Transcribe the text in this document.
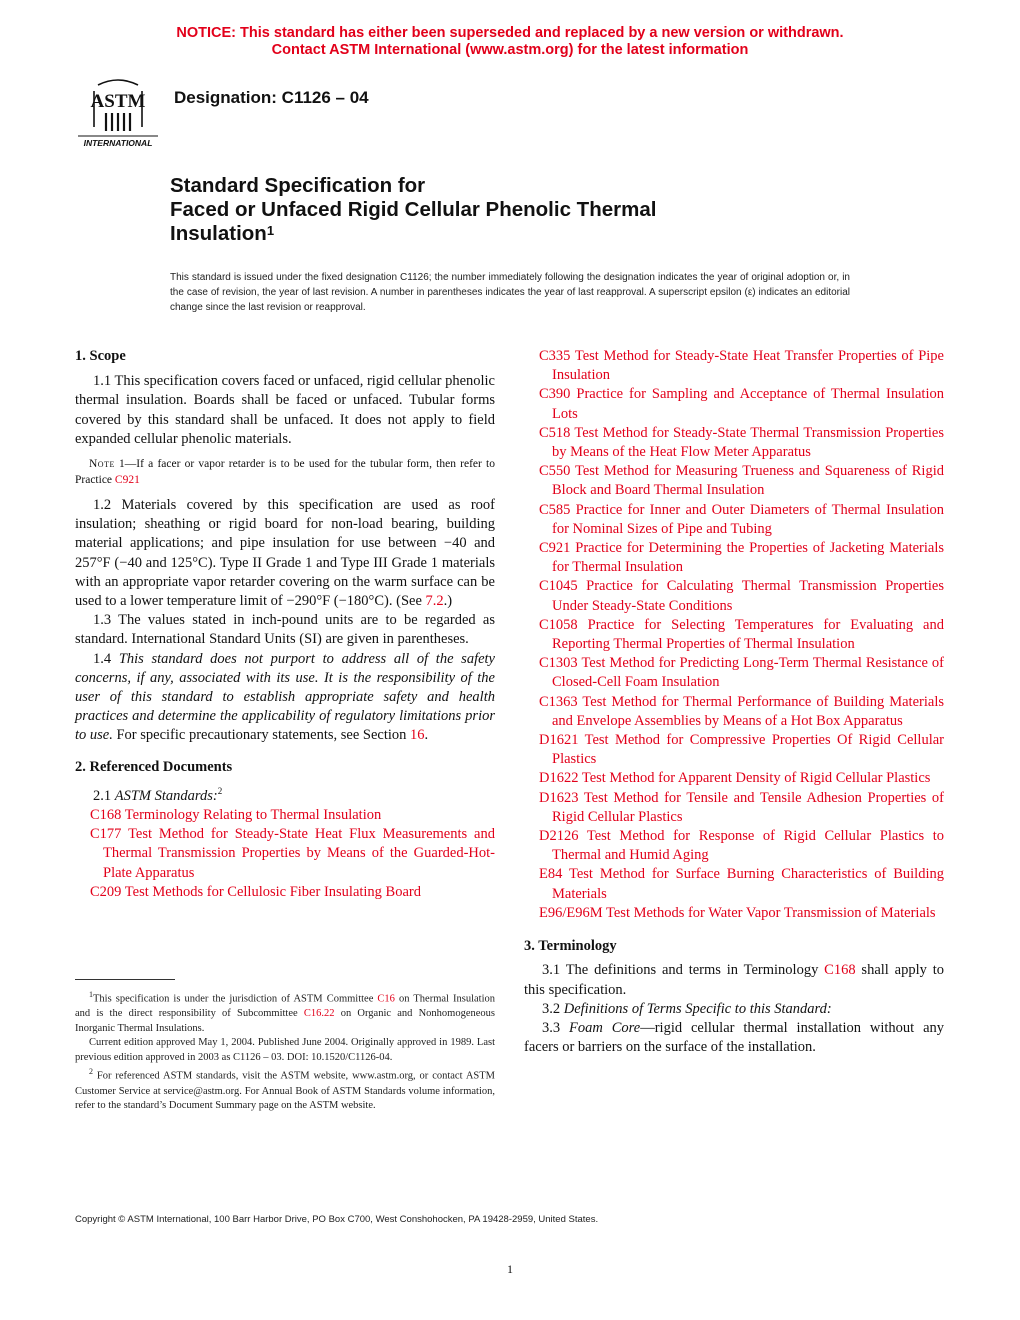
NOTICE: This standard has either been superseded and replaced by a new version or withdrawn.
Contact ASTM International (www.astm.org) for the latest information
ASTM
INTERNATIONAL
Designation: C1126 – 04
Standard Specification for
Faced or Unfaced Rigid Cellular Phenolic Thermal
Insulation$^1$
This standard is issued under the fixed designation C1126; the number immediately following the designation indicates the year of original adoption or, in the case of revision, the year of last revision. A number in parentheses indicates the year of last reapproval. A superscript epsilon (ε) indicates an editorial change since the last revision or reapproval.

1. Scope

1.1 This specification covers faced or unfaced, rigid cellular phenolic thermal insulation. Boards shall be faced or unfaced. Tubular forms covered by this standard shall be unfaced. It does not apply to field expanded cellular phenolic materials.

Note 1—If a facer or vapor retarder is to be used for the tubular form, then refer to Practice C921

1.2 Materials covered by this specification are used as roof insulation; sheathing or rigid board for non-load bearing, building material applications; and pipe insulation for use between −40 and 257°F (−40 and 125°C). Type II Grade 1 and Type III Grade 1 materials with an appropriate vapor retarder covering on the warm surface can be used to a lower temperature limit of −290°F (−180°C). (See 7.2.)

1.3 The values stated in inch-pound units are to be regarded as standard. International Standard Units (SI) are given in parentheses.

1.4 This standard does not purport to address all of the safety concerns, if any, associated with its use. It is the responsibility of the user of this standard to establish appropriate safety and health practices and determine the applicability of regulatory limitations prior to use. For specific precautionary statements, see Section 16.

2. Referenced Documents

2.1 ASTM Standards:$^2$

C168 Terminology Relating to Thermal Insulation

C177 Test Method for Steady-State Heat Flux Measurements and Thermal Transmission Properties by Means of the Guarded-Hot-Plate Apparatus

C209 Test Methods for Cellulosic Fiber Insulating Board

C335 Test Method for Steady-State Heat Transfer Properties of Pipe Insulation

C390 Practice for Sampling and Acceptance of Thermal Insulation Lots

C518 Test Method for Steady-State Thermal Transmission Properties by Means of the Heat Flow Meter Apparatus

C550 Test Method for Measuring Trueness and Squareness of Rigid Block and Board Thermal Insulation

C585 Practice for Inner and Outer Diameters of Thermal Insulation for Nominal Sizes of Pipe and Tubing

C921 Practice for Determining the Properties of Jacketing Materials for Thermal Insulation

C1045 Practice for Calculating Thermal Transmission Properties Under Steady-State Conditions

C1058 Practice for Selecting Temperatures for Evaluating and Reporting Thermal Properties of Thermal Insulation

C1303 Test Method for Predicting Long-Term Thermal Resistance of Closed-Cell Foam Insulation

C1363 Test Method for Thermal Performance of Building Materials and Envelope Assemblies by Means of a Hot Box Apparatus

D1621 Test Method for Compressive Properties Of Rigid Cellular Plastics

D1622 Test Method for Apparent Density of Rigid Cellular Plastics

D1623 Test Method for Tensile and Tensile Adhesion Properties of Rigid Cellular Plastics

D2126 Test Method for Response of Rigid Cellular Plastics to Thermal and Humid Aging

E84 Test Method for Surface Burning Characteristics of Building Materials

E96/E96M Test Methods for Water Vapor Transmission of Materials

3. Terminology

3.1 The definitions and terms in Terminology C168 shall apply to this specification.

3.2 Definitions of Terms Specific to this Standard:

3.3 Foam Core—rigid cellular thermal installation without any facers or barriers on the surface of the installation.

$^1$This specification is under the jurisdiction of ASTM Committee C16 on Thermal Insulation and is the direct responsibility of Subcommittee C16.22 on Organic and Nonhomogeneous Inorganic Thermal Insulations.

Current edition approved May 1, 2004. Published June 2004. Originally approved in 1989. Last previous edition approved in 2003 as C1126 – 03. DOI: 10.1520/C1126-04.

$^2$ For referenced ASTM standards, visit the ASTM website, www.astm.org, or contact ASTM Customer Service at service@astm.org. For Annual Book of ASTM Standards volume information, refer to the standard’s Document Summary page on the ASTM website.

Copyright © ASTM International, 100 Barr Harbor Drive, PO Box C700, West Conshohocken, PA 19428-2959, United States.
1
